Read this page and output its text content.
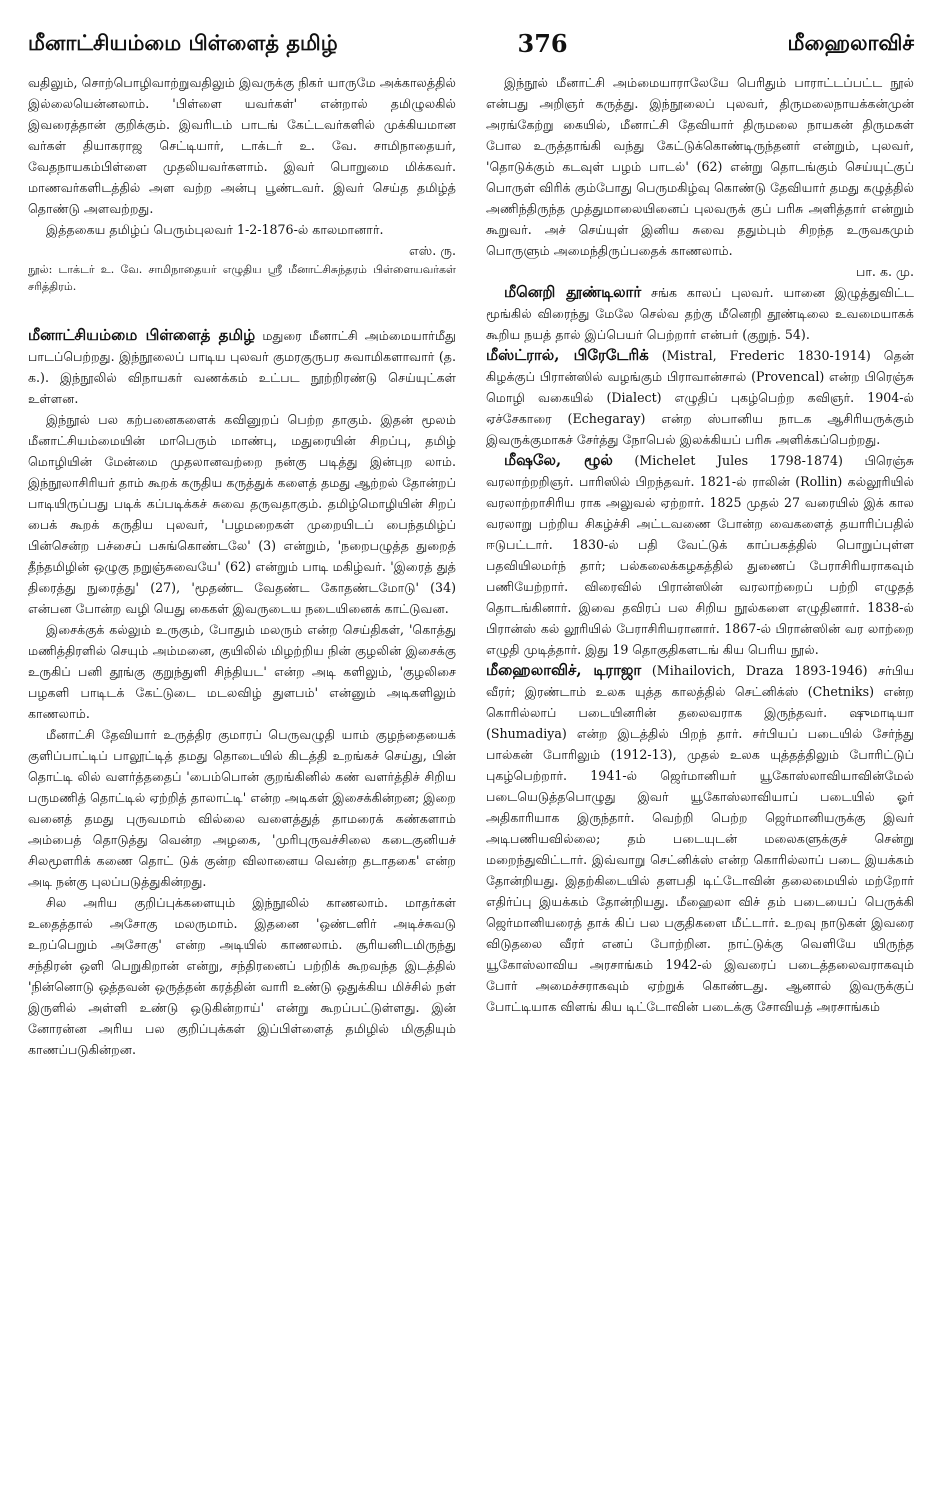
மீனாட்சியம்மை பிள்ளைத் தமிழ்	376	மீஹைலாவிச்

வதிலும், சொற்பொழிவாற்றுவதிலும் இவருக்கு நிகர் யாருமே அக்காலத்தில் இல்லையென்னலாம். 'பிள்ளை யவர்கள்' என்றால் தமிழுலகில் இவரைத்தான் குறிக்கும். இவரிடம் பாடங் கேட்டவர்களில் முக்கியமான வர்கள் தியாகராஜ செட்டியார், டாக்டர் உ. வே. சாமிநாதையர், வேதநாயகம்பிள்ளை முதலியவர்களாம். இவர் பொறுமை மிக்கவர். மாணவர்களிடத்தில் அள வற்ற அன்பு பூண்டவர். இவர் செய்த தமிழ்த் தொண்டு அளவற்றது.

இத்தகைய தமிழ்ப் பெரும்புலவர் 1-2-1876-ல் காலமானார்.

எஸ். ரு.

நூல்: டாக்டர் உ. வே. சாமிநாதையர் எழுதிய ஸ்ரீ மீனாட்சிசுந்தரம் பிள்ளையவர்கள் சரித்திரம்.

மீனாட்சியம்மை பிள்ளைத் தமிழ் மதுரை மீனாட்சி அம்மையார்மீது பாடப்பெற்றது. இந்நூலைப் பாடிய புலவர் குமரகுருபர சுவாமிகளாவார் (த. க.). இந்நூலில் விநாயகர் வணக்கம் உட்பட நூற்றிரண்டு செய்யுட்கள் உள்ளன.

இந்நூல் பல கற்பனைகளைக் கவினுறப் பெற்ற தாகும். இதன் மூலம் மீனாட்சியம்மையின் மாபெரும் மாண்பு, மதுரையின் சிறப்பு, தமிழ் மொழியின் மேன்மை முதலானவற்றை நன்கு படித்து இன்புற லாம். இந்நூலாசிரியர் தாம் கூறக் கருதிய கருத்துக் களைத் தமது ஆற்றல் தோன்றப் பாடியிருப்பது படிக் கப்படிக்கச் சுவை தருவதாகும். தமிழ்மொழியின் சிறப் பைக் கூறக் கருதிய புலவர், 'பழமறைகள் முறையிடப் பைந்தமிழ்ப் பின்சென்ற பச்சைப் பசுங்கொண்டலே' (3) என்றும், 'நறைபழுத்த துறைத் தீந்தமிழின் ஒழுகு நறுஞ்சுவையே' (62) என்றும் பாடி மகிழ்வர். 'இரைத் துத் திரைத்து நுரைத்து' (27), 'மூதண்ட வேதண்ட கோதண்டமோடு' (34) என்பன போன்ற வழி யெது கைகள் இவருடைய நடையினைக் காட்டுவன.

இசைக்குக் கல்லும் உருகும், போதும் மலரும் என்ற செய்திகள், 'கொத்து மணித்திரளில் செயும் அம்மனை, குயிலில் மிழற்றிய நின் குழலின் இசைக்கு உருகிப் பனி தூங்கு குறுந்துளி சிந்தியட' என்ற அடி களிலும், 'குழலிசை பழகளி பாடிடக் கேட்டுடை மடலவிழ் துளபம்' என்னும் அடிகளிலும் காணலாம்.

மீனாட்சி தேவியார் உருத்திர குமாரப் பெருவழுதி யாம் குழந்தையைக் குளிப்பாட்டிப் பாலூட்டித் தமது தொடையில் கிடத்தி உறங்கச் செய்து, பின் தொட்டி லில் வளர்த்ததைப் 'பைம்பொன் குறங்கினில் கண் வளர்த்திச் சிறிய பருமணித் தொட்டில் ஏற்றித் தாலாட்டி' என்ற அடிகள் இசைக்கின்றன; இறை வனைத் தமது புருவமாம் வில்லை வளைத்துத் தாமரைக் கண்களாம் அம்பைத் தொடுத்து வென்ற அழகை, 'முரிபுருவச்சிலை கடைகுனியச் சிலமூளரிக் கணை தொட் டுக் குன்ற விலானைய வென்ற தடாதகை' என்ற அடி நன்கு புலப்படுத்துகின்றது.

சில அரிய குறிப்புக்களையும் இந்நூலில் காணலாம். மாதர்கள் உதைத்தால் அசோகு மலருமாம். இதனை 'ஒண்டளிர் அடிச்சுவடு உறப்பெறும் அசோகு' என்ற அடியில் காணலாம். சூரியனிடமிருந்து சந்திரன் ஒளி பெறுகிறான் என்று, சந்திரனைப் பற்றிக் கூறவந்த இடத்தில் 'நின்னொடு ஒத்தவன் ஒருத்தன் கரத்தின் வாரி உண்டு ஒதுக்கிய மிச்சில் நள் இருளில் அள்ளி உண்டு ஒடுகின்றாய்' என்று கூறப்பட்டுள்ளது. இன் னோரன்ன அரிய பல குறிப்புக்கள் இப்பிள்ளைத் தமிழில் மிகுதியும் காணப்படுகின்றன.

இந்நூல் மீனாட்சி அம்மையாராலேயே பெரிதும் பாராட்டப்பட்ட நூல் என்பது அறிஞர் கருத்து. இந்நூலைப் புலவர், திருமலைநாயக்கன்முன் அரங்கேற்று கையில், மீனாட்சி தேவியார் திருமலை நாயகன் திருமகள் போல உருத்தாங்கி வந்து கேட்டுக்கொண்டிருந்தனர் என்றும், புலவர், 'தொடுக்கும் கடவுள் பழம் பாடல்' (62) என்று தொடங்கும் செய்யுட்குப் பொருள் விரிக் கும்போது பெருமகிழ்வு கொண்டு தேவியார் தமது கழுத்தில் அணிந்திருந்த முத்துமாலையினைப் புலவருக் குப் பரிசு அளித்தார் என்றும் கூறுவர். அச் செய்யுள் இனிய சுவை ததும்பும் சிறந்த உருவகமும் பொருளும் அமைந்திருப்பதைக் காணலாம்.

பா. க. மு.

மீனெறி தூண்டிலார் சங்க காலப் புலவர். யானை இழுத்துவிட்ட மூங்கில் விரைந்து மேலே செல்வ தற்கு மீனெறி தூண்டிலை உவமையாகக் கூறிய நயத் தால் இப்பெயர் பெற்றார் என்பர் (குறுந். 54).

மீஸ்ட்ரால், பிரேடேரிக் (Mistral, Frederic 1830-1914) தென் கிழக்குப் பிரான்ஸில் வழங்கும் பிராவான்சால் (Provencal) என்ற பிரெஞ்சு மொழி வகையில் (Dialect) எழுதிப் புகழ்பெற்ற கவிஞர். 1904-ல் ஏச்சேகாரை (Echegaray) என்ற ஸ்பானிய நாடக ஆசிரியருக்கும் இவருக்குமாகச் சேர்த்து நோபெல் இலக்கியப் பரிசு அளிக்கப்பெற்றது.

மீஷலே, ழூல் (Michelet Jules 1798-1874) பிரெஞ்சு வரலாற்றறிஞர். பாரிஸில் பிறந்தவர். 1821-ல் ராலின் (Rollin) கல்லூரியில் வரலாற்றாசிரிய ராக அலுவல் ஏற்றார். 1825 முதல் 27 வரையில் இக் கால வரலாறு பற்றிய சிகழ்ச்சி அட்டவணை போன்ற வைகளைத் தயாரிப்பதில் ஈடுபட்டார். 1830-ல் பதி வேட்டுக் காப்பகத்தில் பொறுப்புள்ள பதவியிலமர்ந் தார்; பல்கலைக்கழகத்தில் துணைப் பேராசிரியராகவும் பணியேற்றார். விரைவில் பிரான்ஸின் வரலாற்றைப் பற்றி எழுதத் தொடங்கினார். இவை தவிரப் பல சிறிய நூல்களை எழுதினார். 1838-ல் பிரான்ஸ் கல் லூரியில் பேராசிரியரானார். 1867-ல் பிரான்ஸின் வர லாற்றை எழுதி முடித்தார். இது 19 தொகுதிகளடங் கிய பெரிய நூல்.

மீஹைலாவிச், டிராஜா (Mihailovich, Draza 1893-1946) சர்பிய வீரர்; இரண்டாம் உலக யுத்த காலத்தில் செட்னிக்ஸ் (Chetniks) என்ற கொரில்லாப் படையினரின் தலைவராக இருந்தவர். ஷுமாடியா (Shumadiya) என்ற இடத்தில் பிறந் தார். சர்பியப் படையில் சேர்ந்து பால்கன் போரிலும் (1912-13), முதல் உலக யுத்தத்திலும் போரிட்டுப் புகழ்பெற்றார். 1941-ல் ஜெர்மானியர் யூகோஸ்லாவியாவின்மேல் படையெடுத்தபொழுது இவர் யூகோஸ்லாவியாப் படையில் ஓர் அதிகாரியாக இருந்தார். வெற்றி பெற்ற ஜெர்மானியருக்கு இவர் அடிபணியவில்லை; தம் படையுடன் மலைகளுக்குச் சென்று மறைந்துவிட்டார். இவ்வாறு செட்னிக்ஸ் என்ற கொரில்லாப் படை இயக்கம் தோன்றியது. இதற்கிடையில் தளபதி டிட்டோவின் தலைமையில் மற்றோர் எதிர்ப்பு இயக்கம் தோன்றியது. மீஹைலா விச் தம் படையைப் பெருக்கி ஜெர்மானியரைத் தாக் கிப் பல பகுதிகளை மீட்டார். உறவு நாடுகள் இவரை விடுதலை வீரர் எனப் போற்றின. நாட்டுக்கு வெளியே யிருந்த யூகோஸ்லாவிய அரசாங்கம் 1942-ல் இவரைப் படைத்தலைவராகவும் போர் அமைச்சராகவும் ஏற்றுக் கொண்டது. ஆனால் இவருக்குப் போட்டியாக விளங் கிய டிட்டோவின் படைக்கு சோவியத் அரசாங்கம்
